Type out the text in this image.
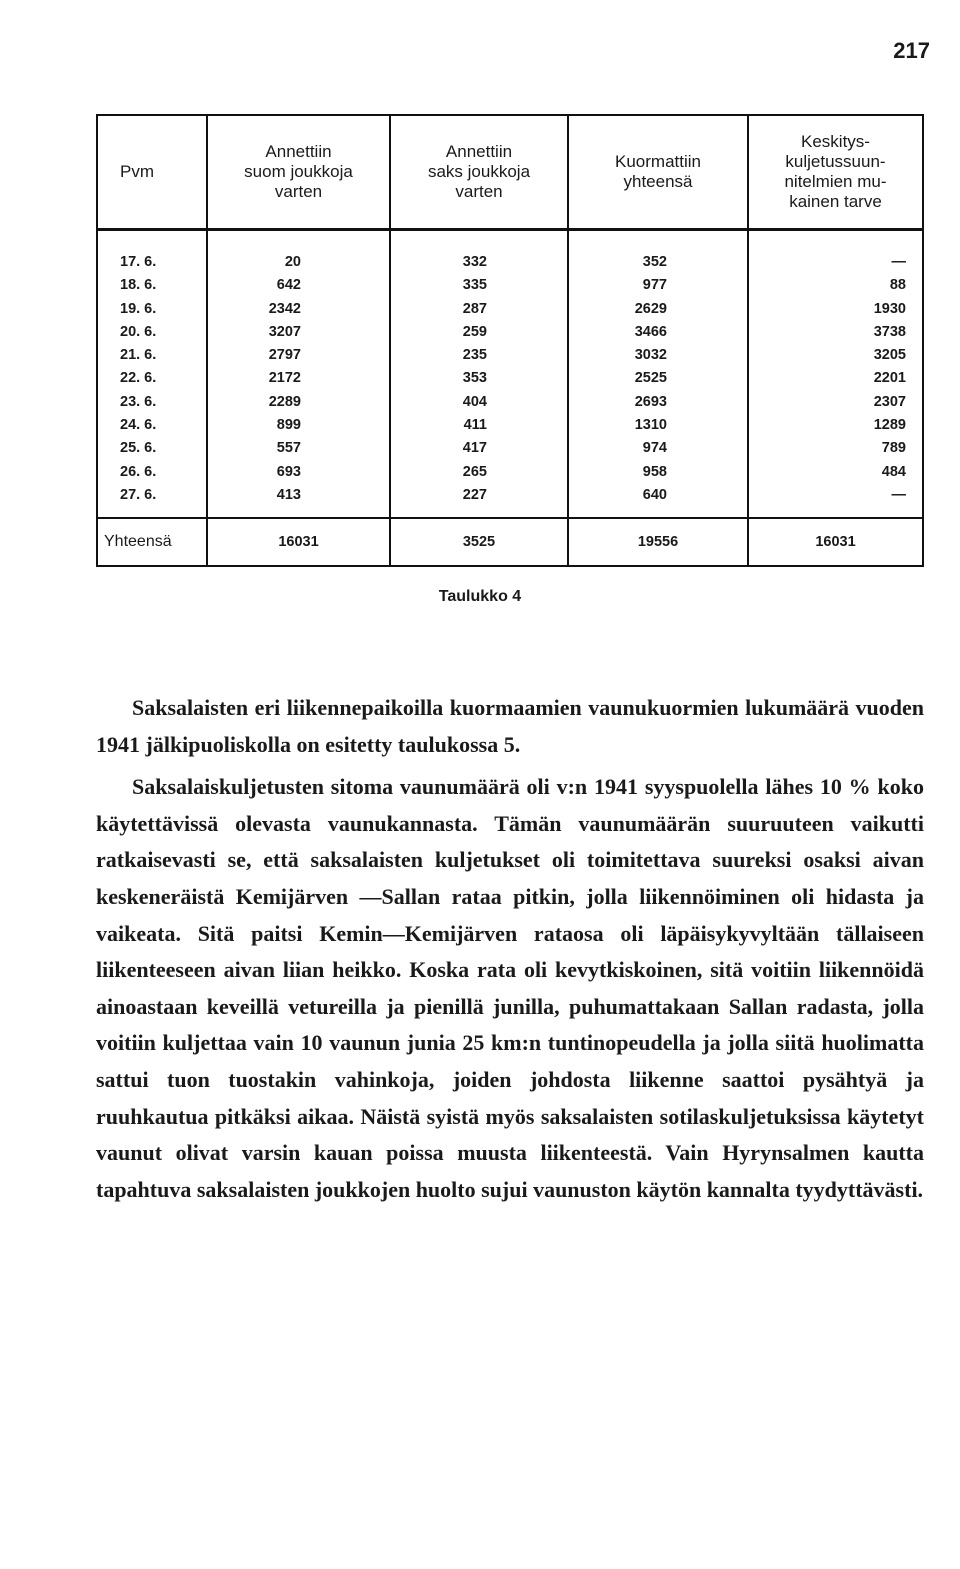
217
Pvm	Annettiin
suom joukkoja
varten	Annettiin
saks joukkoja
varten	Kuormattiin
yhteensä	Keskitys-
kuljetussuun-
nitelmien mu-
kainen tarve

17. 6.	20	332	352	—
18. 6.	642	335	977	88
19. 6.	2342	287	2629	1930
20. 6.	3207	259	3466	3738
21. 6.	2797	235	3032	3205
22. 6.	2172	353	2525	2201
23. 6.	2289	404	2693	2307
24. 6.	899	411	1310	1289
25. 6.	557	417	974	789
26. 6.	693	265	958	484
27. 6.	413	227	640	—
Yhteensä	16031	3525	19556	16031
Taulukko 4

Saksalaisten eri liikennepaikoilla kuormaamien vaunukuormien lukumäärä vuoden 1941 jälkipuoliskolla on esitetty taulukossa 5.

Saksalaiskuljetusten sitoma vaunumäärä oli v:n 1941 syyspuolella lähes 10 % koko käytettävissä olevasta vaunukannasta. Tämän vaunumäärän suuruuteen vaikutti ratkaisevasti se, että saksalaisten kuljetukset oli toimitettava suureksi osaksi aivan keskeneräistä Kemijärven —Sallan rataa pitkin, jolla liikennöiminen oli hidasta ja vaikeata. Sitä paitsi Kemin—Kemijärven rataosa oli läpäisykyvyltään tällaiseen liikenteeseen aivan liian heikko. Koska rata oli kevytkiskoinen, sitä voitiin liikennöidä ainoastaan keveillä vetureilla ja pienillä junilla, puhumattakaan Sallan radasta, jolla voitiin kuljettaa vain 10 vaunun junia 25 km:n tuntinopeudella ja jolla siitä huolimatta sattui tuon tuostakin vahinkoja, joiden johdosta liikenne saattoi pysähtyä ja ruuhkautua pitkäksi aikaa. Näistä syistä myös saksalaisten sotilaskuljetuksissa käytetyt vaunut olivat varsin kauan poissa muusta liikenteestä. Vain Hyrynsalmen kautta tapahtuva saksalaisten joukkojen huolto sujui vaunuston käytön kannalta tyydyttävästi.
